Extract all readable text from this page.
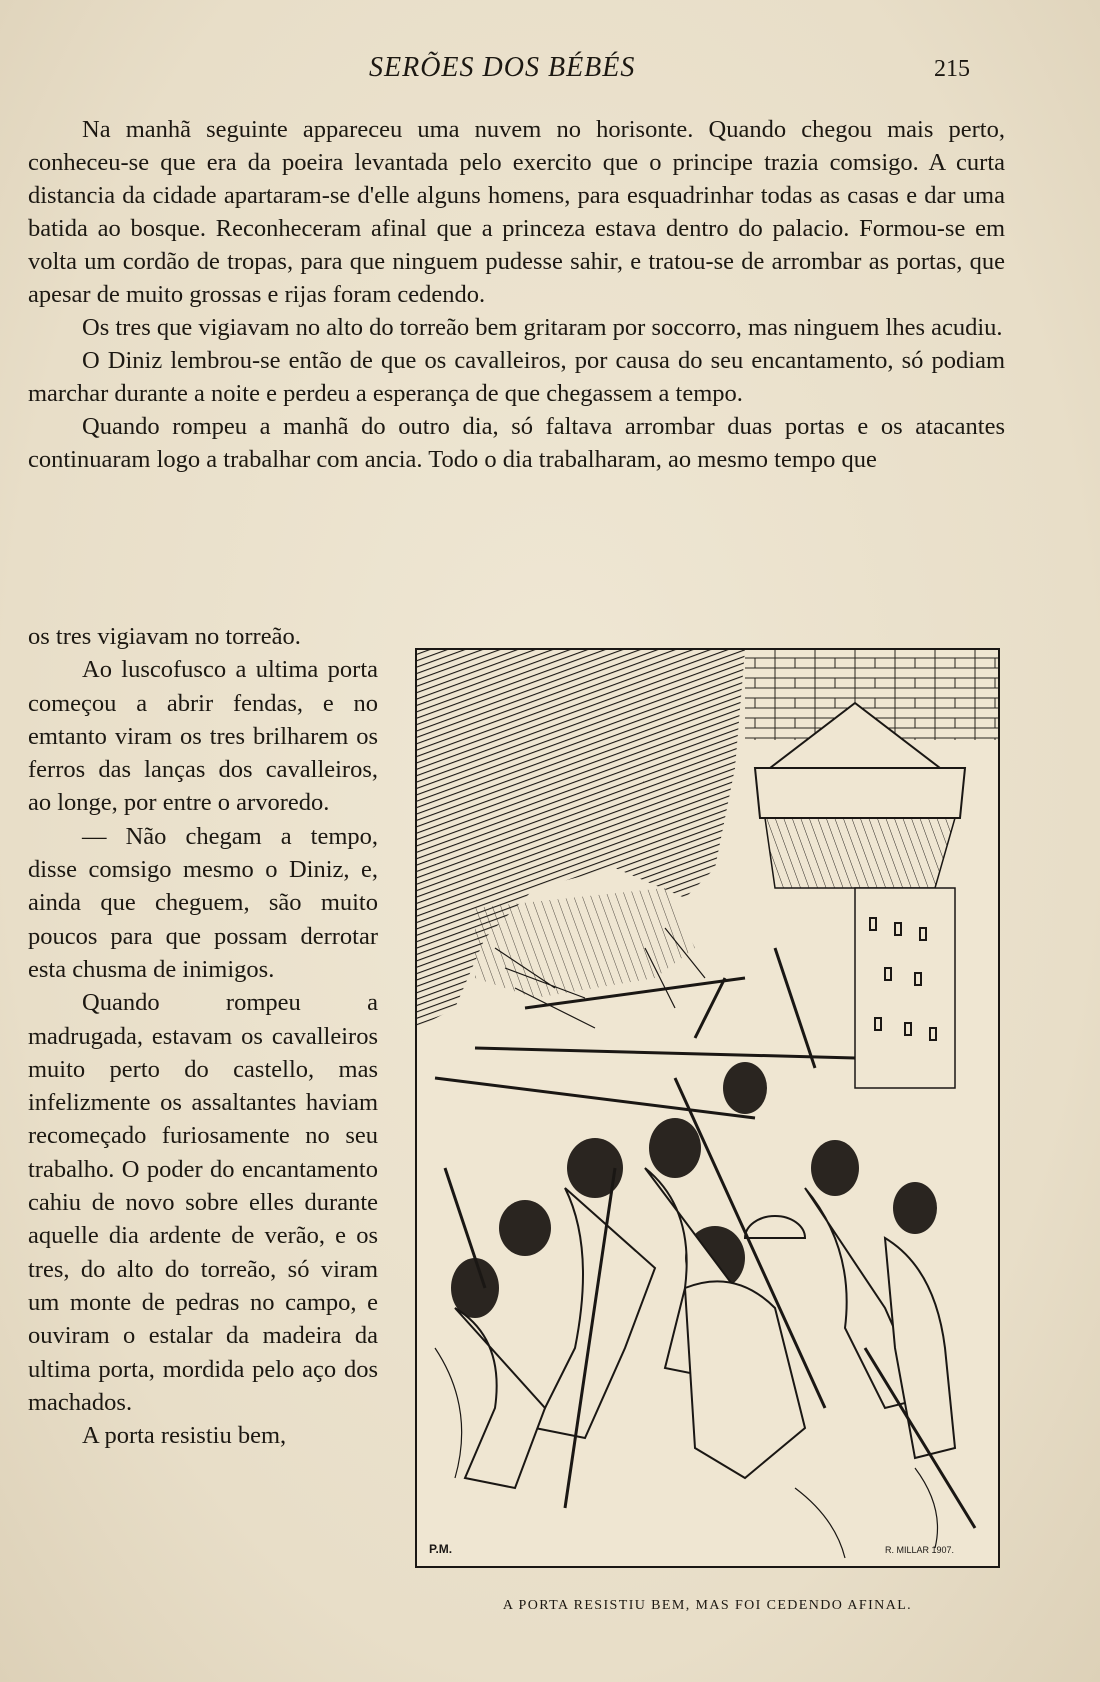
SERÕES DOS BÉBÉS	215

Na manhã seguinte appareceu uma nuvem no horisonte. Quando chegou mais perto, conheceu-se que era da poeira levantada pelo exercito que o principe trazia comsigo. A curta distancia da cidade apartaram-se d'elle alguns homens, para esquadrinhar todas as casas e dar uma batida ao bosque. Reconheceram afinal que a princeza estava dentro do palacio. Formou-se em volta um cordão de tropas, para que ninguem pudesse sahir, e tratou-se de arrombar as portas, que apesar de muito grossas e rijas foram cedendo.

Os tres que vigiavam no alto do torreão bem gritaram por soccorro, mas ninguem lhes acudiu.

O Diniz lembrou-se então de que os cavalleiros, por causa do seu encantamento, só podiam marchar durante a noite e perdeu a esperança de que chegassem a tempo.

Quando rompeu a manhã do outro dia, só faltava arrombar duas portas e os atacantes continuaram logo a trabalhar com ancia. Todo o dia trabalharam, ao mesmo tempo que

os tres vigiavam no torreão.

Ao luscofusco a ultima porta começou a abrir fendas, e no emtanto viram os tres brilharem os ferros das lanças dos cavalleiros, ao longe, por entre o arvoredo.

— Não chegam a tempo, disse comsigo mesmo o Diniz, e, ainda que cheguem, são muito poucos para que possam derrotar esta chusma de inimigos.

Quando rompeu a madrugada, estavam os cavalleiros muito perto do castello, mas infelizmente os assaltantes haviam recomeçado furiosamente no seu trabalho. O poder do encantamento cahiu de novo sobre elles durante aquelle dia ardente de verão, e os tres, do alto do torreão, só viram um monte de pedras no campo, e ouviram o estalar da madeira da ultima porta, mordida pelo aço dos machados.

A porta resistiu bem,

P.M.	R. MILLAR 1907.
A PORTA RESISTIU BEM, MAS FOI CEDENDO AFINAL.
